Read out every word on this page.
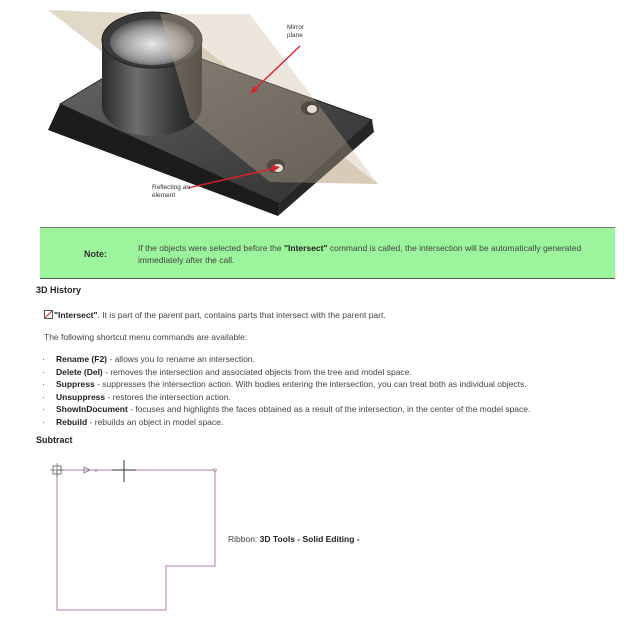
Mirror
plane
Reflecting an
element
Note:
If the objects were selected before the "Intersect" command is called, the intersection will be automatically generated immediately after the call.
3D History
"Intersect". It is part of the parent part, contains parts that intersect with the parent part.
The following shortcut menu commands are available:
· Rename (F2) - allows you to rename an intersection.
· Delete (Del) - removes the intersection and associated objects from the tree and model space.
· Suppress - suppresses the intersection action. With bodies entering the intersection, you can treat both as individual objects.
· Unsuppress - restores the intersection action.
· ShowInDocument - focuses and highlights the faces obtained as a result of the intersection, in the center of the model space.
· Rebuild - rebuilds an object in model space.
Subtract
×
Ribbon: 3D Tools - Solid Editing -
